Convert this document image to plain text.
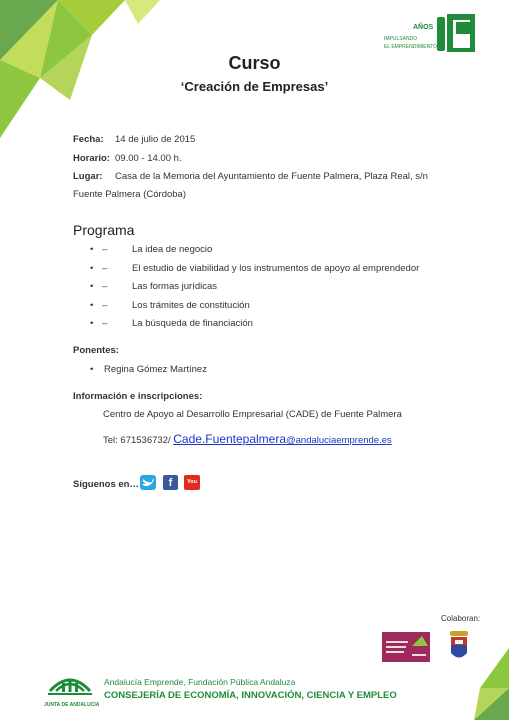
AÑOS
IMPULSANDO
EL EMPRENDIMIENTO
Curso
‘Creación de Empresas’
Fecha: 14 de julio de 2015
Horario: 09.00 - 14.00 h.
Lugar: Casa de la Memoria del Ayuntamiento de Fuente Palmera, Plaza Real, s/n
Fuente Palmera (Córdoba)
Programa
• –	La idea de negocio
• –	El estudio de viabilidad y los instrumentos de apoyo al emprendedor
• –	Las formas jurídicas
• –	Los trámites de constitución
• –	La búsqueda de financiación
Ponentes:
• Regina Gómez Martínez
Información e inscripciones:
Centro de Apoyo al Desarrollo Empresarial (CADE) de Fuente Palmera
Tel: 671536732/ Cade.Fuentepalmera@andaluciaemprende.es
Síguenos en…	f	You Tube
Colaboran:
JUNTA DE ANDALUCIA
Andalucía Emprende, Fundación Pública Andaluza
CONSEJERÍA DE ECONOMÍA, INNOVACIÓN, CIENCIA Y EMPLEO
